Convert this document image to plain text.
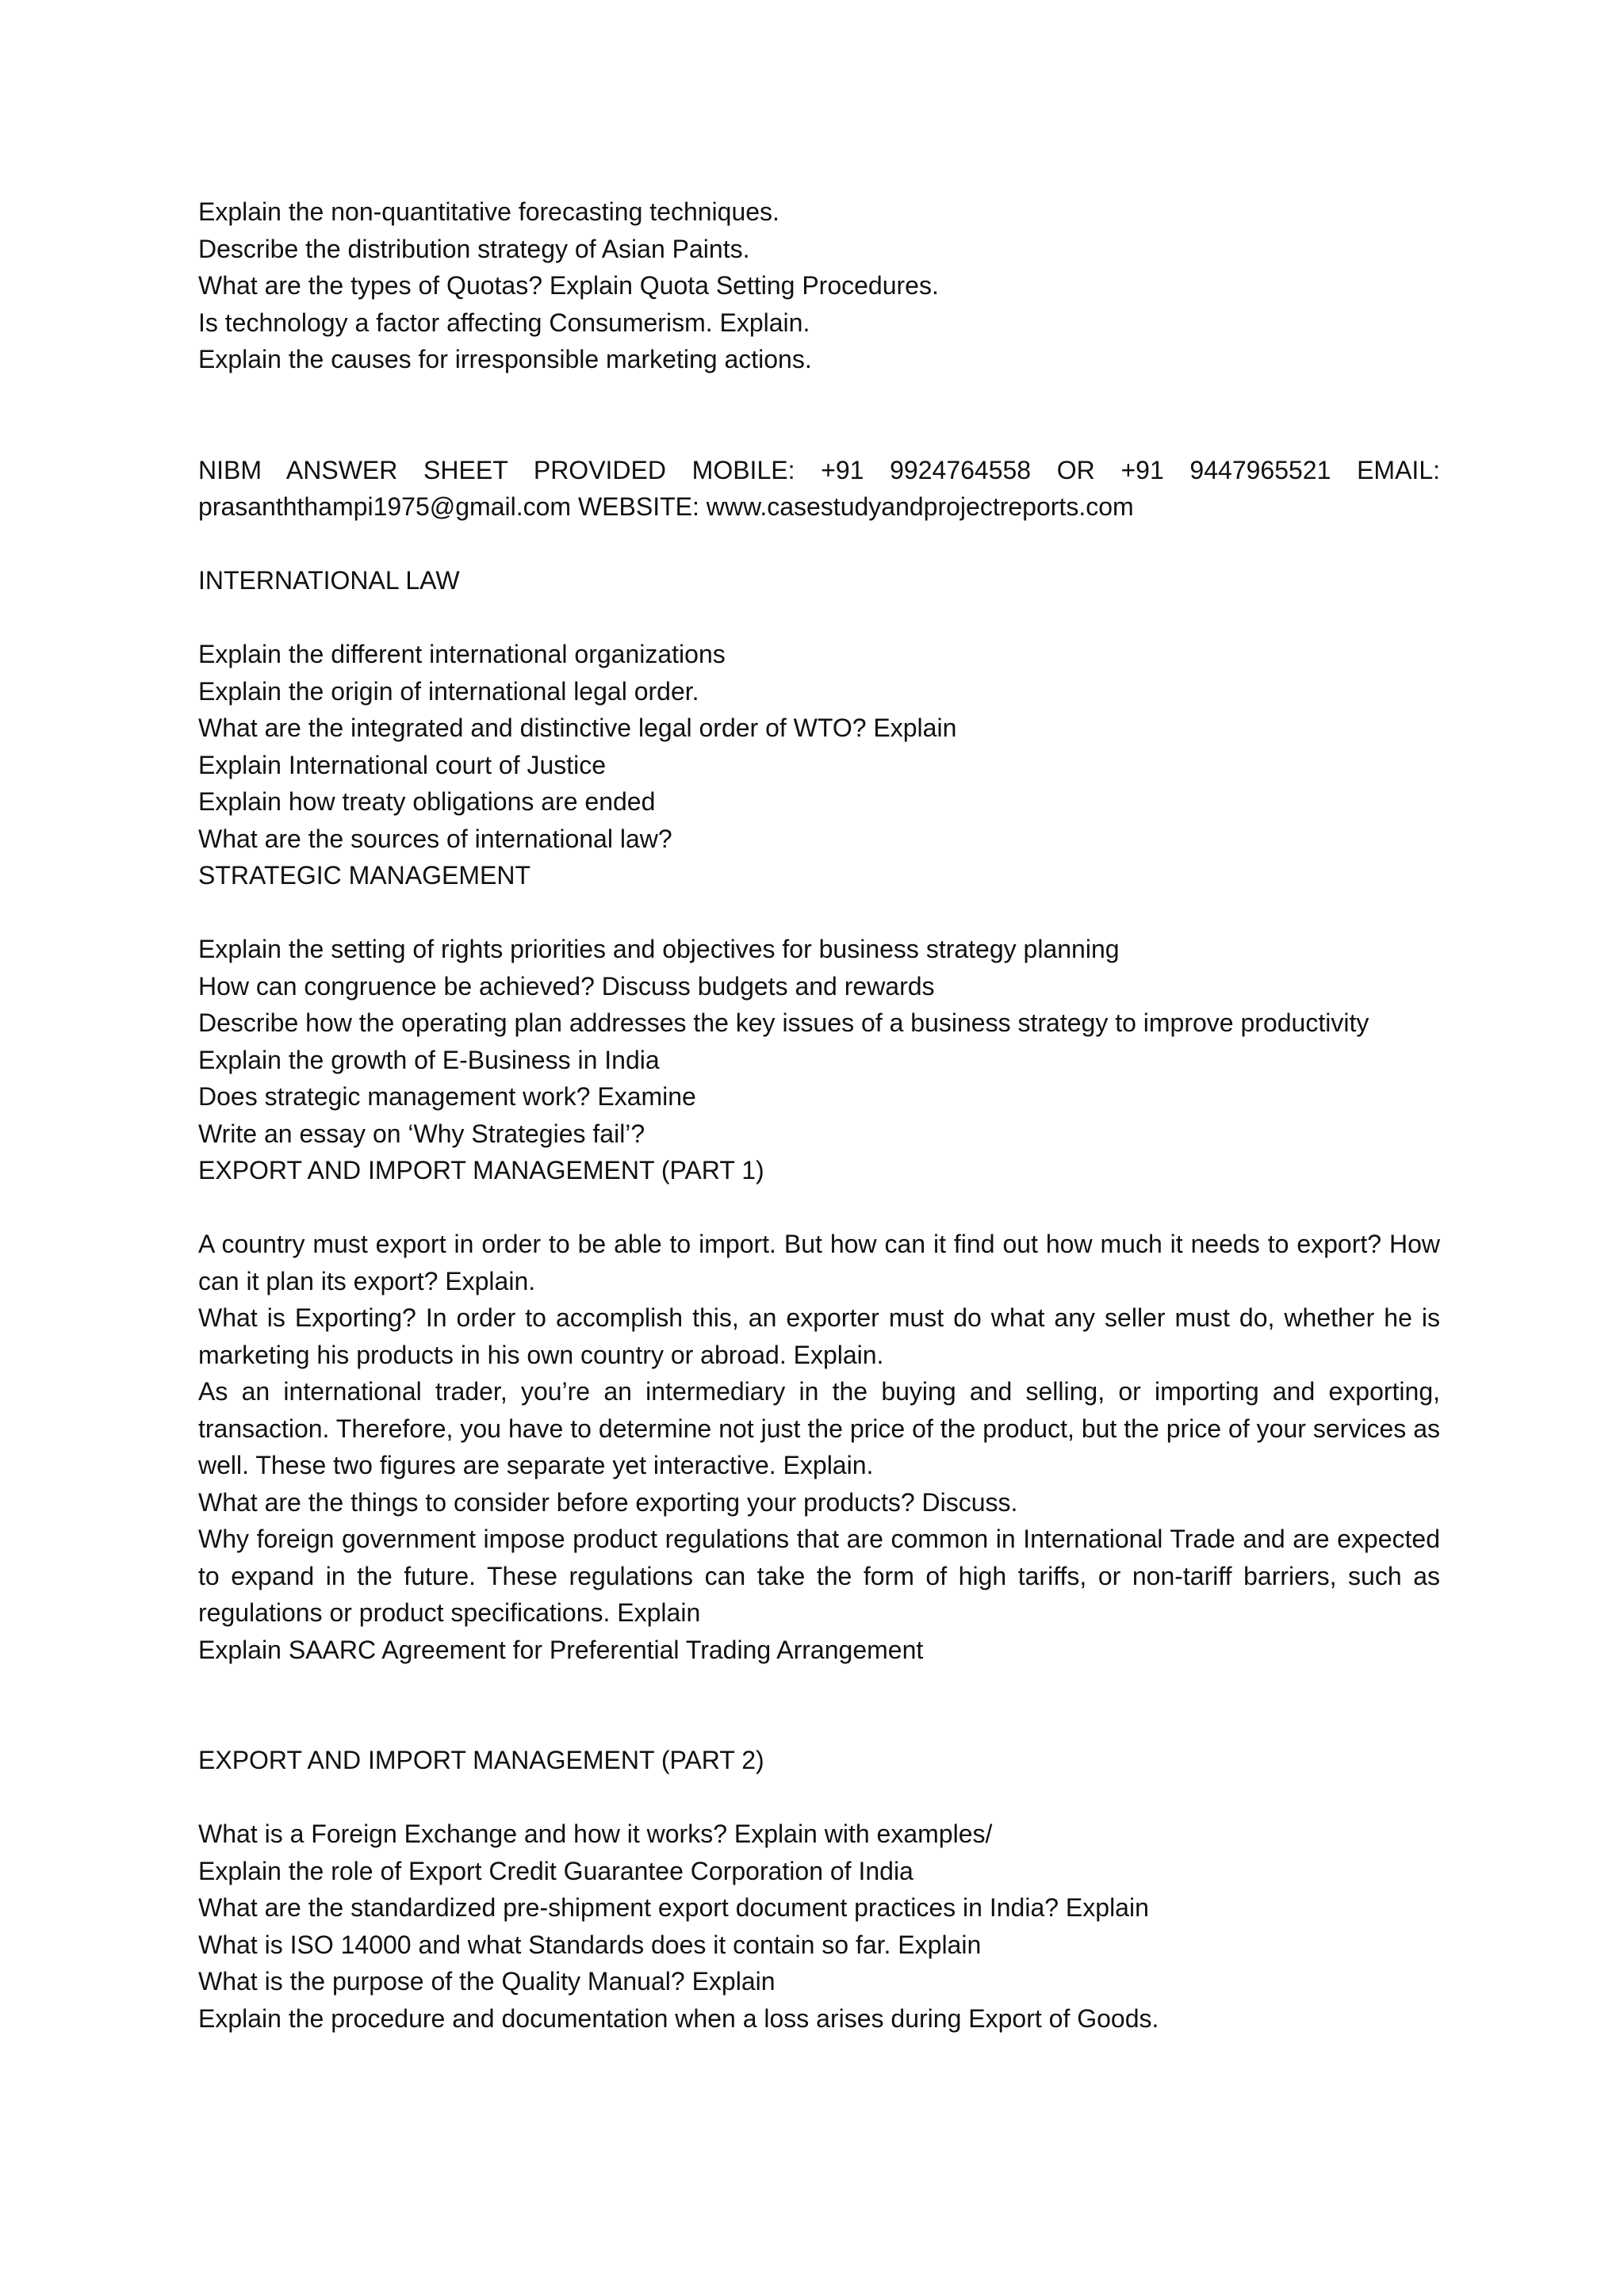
Explain the non-quantitative forecasting techniques.

Describe the distribution strategy of Asian Paints.

What are the types of Quotas? Explain Quota Setting Procedures.

Is technology a factor affecting Consumerism. Explain.

Explain the causes for irresponsible marketing actions.

NIBM ANSWER SHEET PROVIDED MOBILE: +91 9924764558 OR +91 9447965521 EMAIL:

prasanththampi1975@gmail.com WEBSITE: www.casestudyandprojectreports.com

INTERNATIONAL LAW

Explain the different international organizations

Explain the origin of international legal order.

What are the integrated and distinctive legal order of WTO? Explain

Explain International court of Justice

Explain how treaty obligations are ended

What are the sources of international law?

STRATEGIC MANAGEMENT

Explain the setting of rights priorities and objectives for business strategy planning

How can congruence be achieved? Discuss budgets and rewards

Describe how the operating plan addresses the key issues of a business strategy to improve productivity

Explain the growth of E-Business in India

Does strategic management work? Examine

Write an essay on ‘Why Strategies fail’?

EXPORT AND IMPORT MANAGEMENT (PART 1)

A country must export in order to be able to import. But how can it find out how much it needs to export? How can it plan its export? Explain.

What is Exporting? In order to accomplish this, an exporter must do what any seller must do, whether he is marketing his products in his own country or abroad. Explain.

As an international trader, you’re an intermediary in the buying and selling, or importing and exporting, transaction. Therefore, you have to determine not just the price of the product, but the price of your services as well. These two figures are separate yet interactive. Explain.

What are the things to consider before exporting your products? Discuss.

Why foreign government impose product regulations that are common in International Trade and are expected to expand in the future. These regulations can take the form of high tariffs, or non-tariff barriers, such as regulations or product specifications. Explain

Explain SAARC Agreement for Preferential Trading Arrangement

EXPORT AND IMPORT MANAGEMENT (PART 2)

What is a Foreign Exchange and how it works? Explain with examples/

Explain the role of Export Credit Guarantee Corporation of India

What are the standardized pre-shipment export document practices in India? Explain

What is ISO 14000 and what Standards does it contain so far. Explain

What is the purpose of the Quality Manual? Explain

Explain the procedure and documentation when a loss arises during Export of Goods.
